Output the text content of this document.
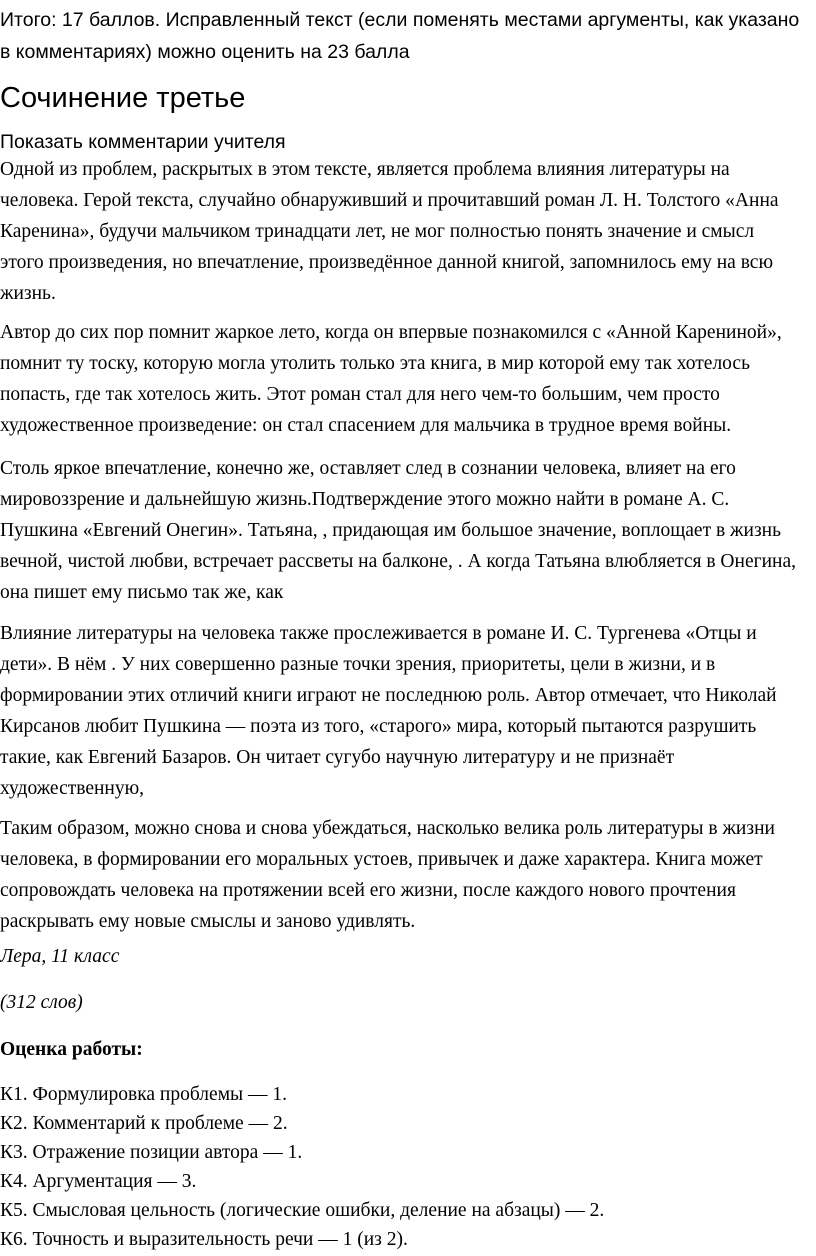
Итого: 17 баллов. Исправленный текст (если поменять местами аргументы, как указано в комментариях) можно оценить на 23 балла
Сочинение третье
Показать комментарии учителя

Одной из проблем, раскрытых в этом тексте, является проблема влияния литературы на человека. Герой текста, случайно обнаруживший и прочитавший роман Л. Н. Толстого «Анна Каренина», будучи мальчиком тринадцати лет, не мог полностью понять значение и смысл этого произведения, но впечатление, произведённое данной книгой, запомнилось ему на всю жизнь.

Автор до сих пор помнит жаркое лето, когда он впервые познакомился с «Анной Карениной», помнит ту тоску, которую могла утолить только эта книга, в мир которой ему так хотелось попасть, где так хотелось жить. Этот роман стал для него чем-то большим, чем просто художественное произведение: он стал спасением для мальчика в трудное время войны.

Столь яркое впечатление, конечно же, оставляет след в сознании человека, влияет на его мировоззрение и дальнейшую жизнь.Подтверждение этого можно найти в романе А. С. Пушкина «Евгений Онегин». Татьяна, , придающая им большое значение, воплощает в жизнь вечной, чистой любви, встречает рассветы на балконе, . А когда Татьяна влюбляется в Онегина, она пишет ему письмо так же, как

Влияние литературы на человека также прослеживается в романе И. С. Тургенева «Отцы и дети». В нём . У них совершенно разные точки зрения, приоритеты, цели в жизни, и в формировании этих отличий книги играют не последнюю роль. Автор отмечает, что Николай Кирсанов любит Пушкина — поэта из того, «старого» мира, который пытаются разрушить такие, как Евгений Базаров. Он читает сугубо научную литературу и не признаёт художественную,

Таким образом, можно снова и снова убеждаться, насколько велика роль литературы в жизни человека, в формировании его моральных устоев, привычек и даже характера. Книга может сопровождать человека на протяжении всей его жизни, после каждого нового прочтения раскрывать ему новые смыслы и заново удивлять.

Лера, 11 класс
(312 слов)
Оценка работы:
К1. Формулировка проблемы — 1.
К2. Комментарий к проблеме — 2.
К3. Отражение позиции автора — 1.
К4. Аргументация — 3.
К5. Смысловая цельность (логические ошибки, деление на абзацы) — 2.
К6. Точность и выразительность речи — 1 (из 2).
